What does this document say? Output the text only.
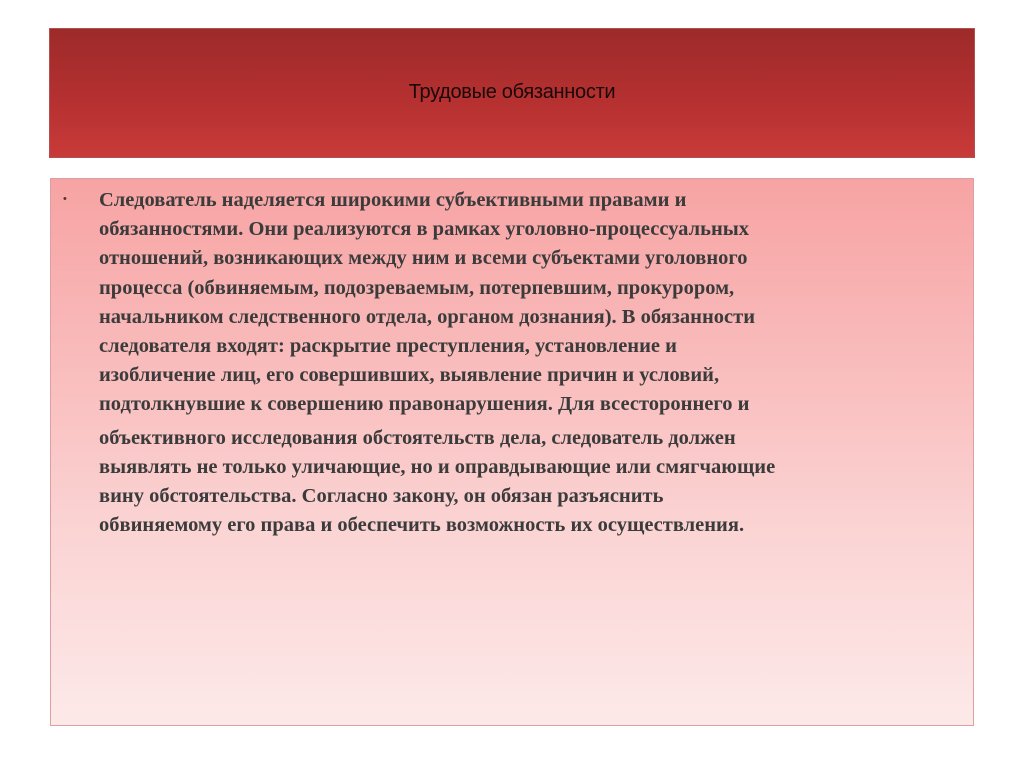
Трудовые обязанности
• Следователь наделяется широкими субъективными правами и
обязанностями. Они реализуются в рамках уголовно-процессуальных
отношений, возникающих между ним и всеми субъектами уголовного
процесса (обвиняемым, подозреваемым, потерпевшим, прокурором,
начальником следственного отдела, органом дознания). В обязанности
следователя входят: раскрытие преступления, установление и
изобличение лиц, его совершивших, выявление причин и условий,
подтолкнувшие к совершению правонарушения. Для всестороннего и
объективного исследования обстоятельств дела, следователь должен
выявлять не только уличающие, но и оправдывающие или смягчающие
вину обстоятельства. Согласно закону, он обязан разъяснить
обвиняемому его права и обеспечить возможность их осуществления.
